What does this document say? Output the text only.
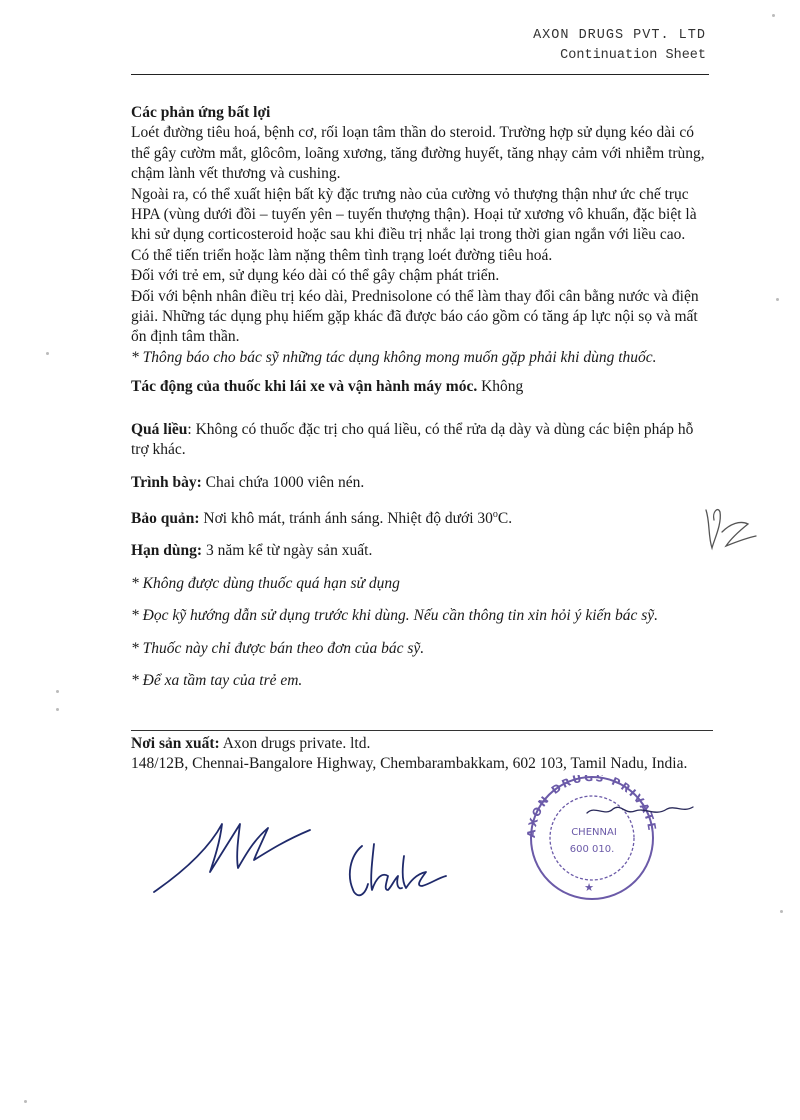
AXON DRUGS PVT. LTD
Continuation Sheet

Các phản ứng bất lợi

Loét đường tiêu hoá, bệnh cơ, rối loạn tâm thần do steroid. Trường hợp sử dụng kéo dài có thể gây cườm mắt, glôcôm, loãng xương, tăng đường huyết, tăng nhạy cảm với nhiễm trùng, chậm lành vết thương và cushing.

Ngoài ra, có thể xuất hiện bất kỳ đặc trưng nào của cường vỏ thượng thận như ức chế trục HPA (vùng dưới đồi – tuyến yên – tuyến thượng thận). Hoại tử xương vô khuẩn, đặc biệt là khi sử dụng corticosteroid hoặc sau khi điều trị nhắc lại trong thời gian ngắn với liều cao.

Có thể tiến triển hoặc làm nặng thêm tình trạng loét đường tiêu hoá.

Đối với trẻ em, sử dụng kéo dài có thể gây chậm phát triển.

Đối với bệnh nhân điều trị kéo dài, Prednisolone có thể làm thay đổi cân bằng nước và điện giải. Những tác dụng phụ hiếm gặp khác đã được báo cáo gồm có tăng áp lực nội sọ và mất ổn định tâm thần.

* Thông báo cho bác sỹ những tác dụng không mong muốn gặp phải khi dùng thuốc.

Tác động của thuốc khi lái xe và vận hành máy móc. Không

Quá liều: Không có thuốc đặc trị cho quá liều, có thể rửa dạ dày và dùng các biện pháp hỗ trợ khác.

Trình bày: Chai chứa 1000 viên nén.

Bảo quản: Nơi khô mát, tránh ánh sáng. Nhiệt độ dưới 30$^o$C.

Hạn dùng: 3 năm kể từ ngày sản xuất.

* Không được dùng thuốc quá hạn sử dụng

* Đọc kỹ hướng dẫn sử dụng trước khi dùng. Nếu cần thông tin xin hỏi ý kiến bác sỹ.

* Thuốc này chỉ được bán theo đơn của bác sỹ.

* Để xa tầm tay của trẻ em.

Nơi sản xuất: Axon drugs private. ltd.

148/12B, Chennai-Bangalore Highway, Chembarambakkam, 602 103, Tamil Nadu, India.

AXON DRUGS PRIVATE
CHENNAI
600 010.
★
